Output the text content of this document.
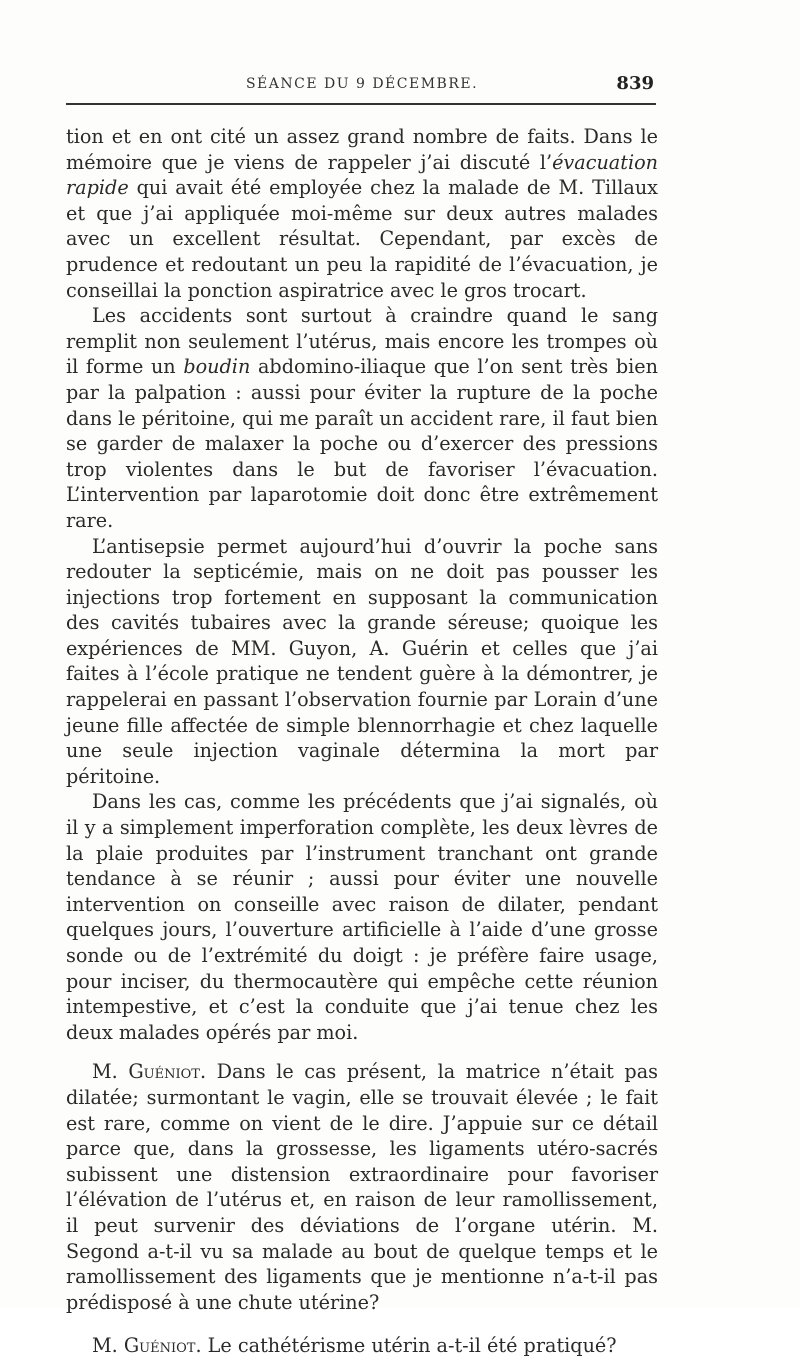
SÉANCE DU 9 DÉCEMBRE.	839

tion et en ont cité un assez grand nombre de faits. Dans le mémoire que je viens de rappeler j’ai discuté l’évacuation rapide qui avait été employée chez la malade de M. Tillaux et que j’ai appliquée moi-même sur deux autres malades avec un excellent résultat. Cependant, par excès de prudence et redoutant un peu la rapidité de l’évacuation, je conseillai la ponction aspiratrice avec le gros trocart.

Les accidents sont surtout à craindre quand le sang remplit non seulement l’utérus, mais encore les trompes où il forme un boudin abdomino-iliaque que l’on sent très bien par la palpation : aussi pour éviter la rupture de la poche dans le péritoine, qui me paraît un accident rare, il faut bien se garder de malaxer la poche ou d’exercer des pressions trop violentes dans le but de favoriser l’évacuation. L’intervention par laparotomie doit donc être extrêmement rare.

L’antisepsie permet aujourd’hui d’ouvrir la poche sans redouter la septicémie, mais on ne doit pas pousser les injections trop fortement en supposant la communication des cavités tubaires avec la grande séreuse; quoique les expériences de MM. Guyon, A. Guérin et celles que j’ai faites à l’école pratique ne tendent guère à la démontrer, je rappelerai en passant l’observation fournie par Lorain d’une jeune fille affectée de simple blennorrhagie et chez laquelle une seule injection vaginale détermina la mort par péritoine.

Dans les cas, comme les précédents que j’ai signalés, où il y a simplement imperforation complète, les deux lèvres de la plaie produites par l’instrument tranchant ont grande tendance à se réunir ; aussi pour éviter une nouvelle intervention on conseille avec raison de dilater, pendant quelques jours, l’ouverture artificielle à l’aide d’une grosse sonde ou de l’extrémité du doigt : je préfère faire usage, pour inciser, du thermocautère qui empêche cette réunion intempestive, et c’est la conduite que j’ai tenue chez les deux malades opérés par moi.

M. Guéniot. Dans le cas présent, la matrice n’était pas dilatée; surmontant le vagin, elle se trouvait élevée ; le fait est rare, comme on vient de le dire. J’appuie sur ce détail parce que, dans la grossesse, les ligaments utéro-sacrés subissent une distension extraordinaire pour favoriser l’élévation de l’utérus et, en raison de leur ramollissement, il peut survenir des déviations de l’organe utérin. M. Segond a-t-il vu sa malade au bout de quelque temps et le ramollissement des ligaments que je mentionne n’a-t-il pas prédisposé à une chute utérine?

M. Guéniot. Le cathétérisme utérin a-t-il été pratiqué?
